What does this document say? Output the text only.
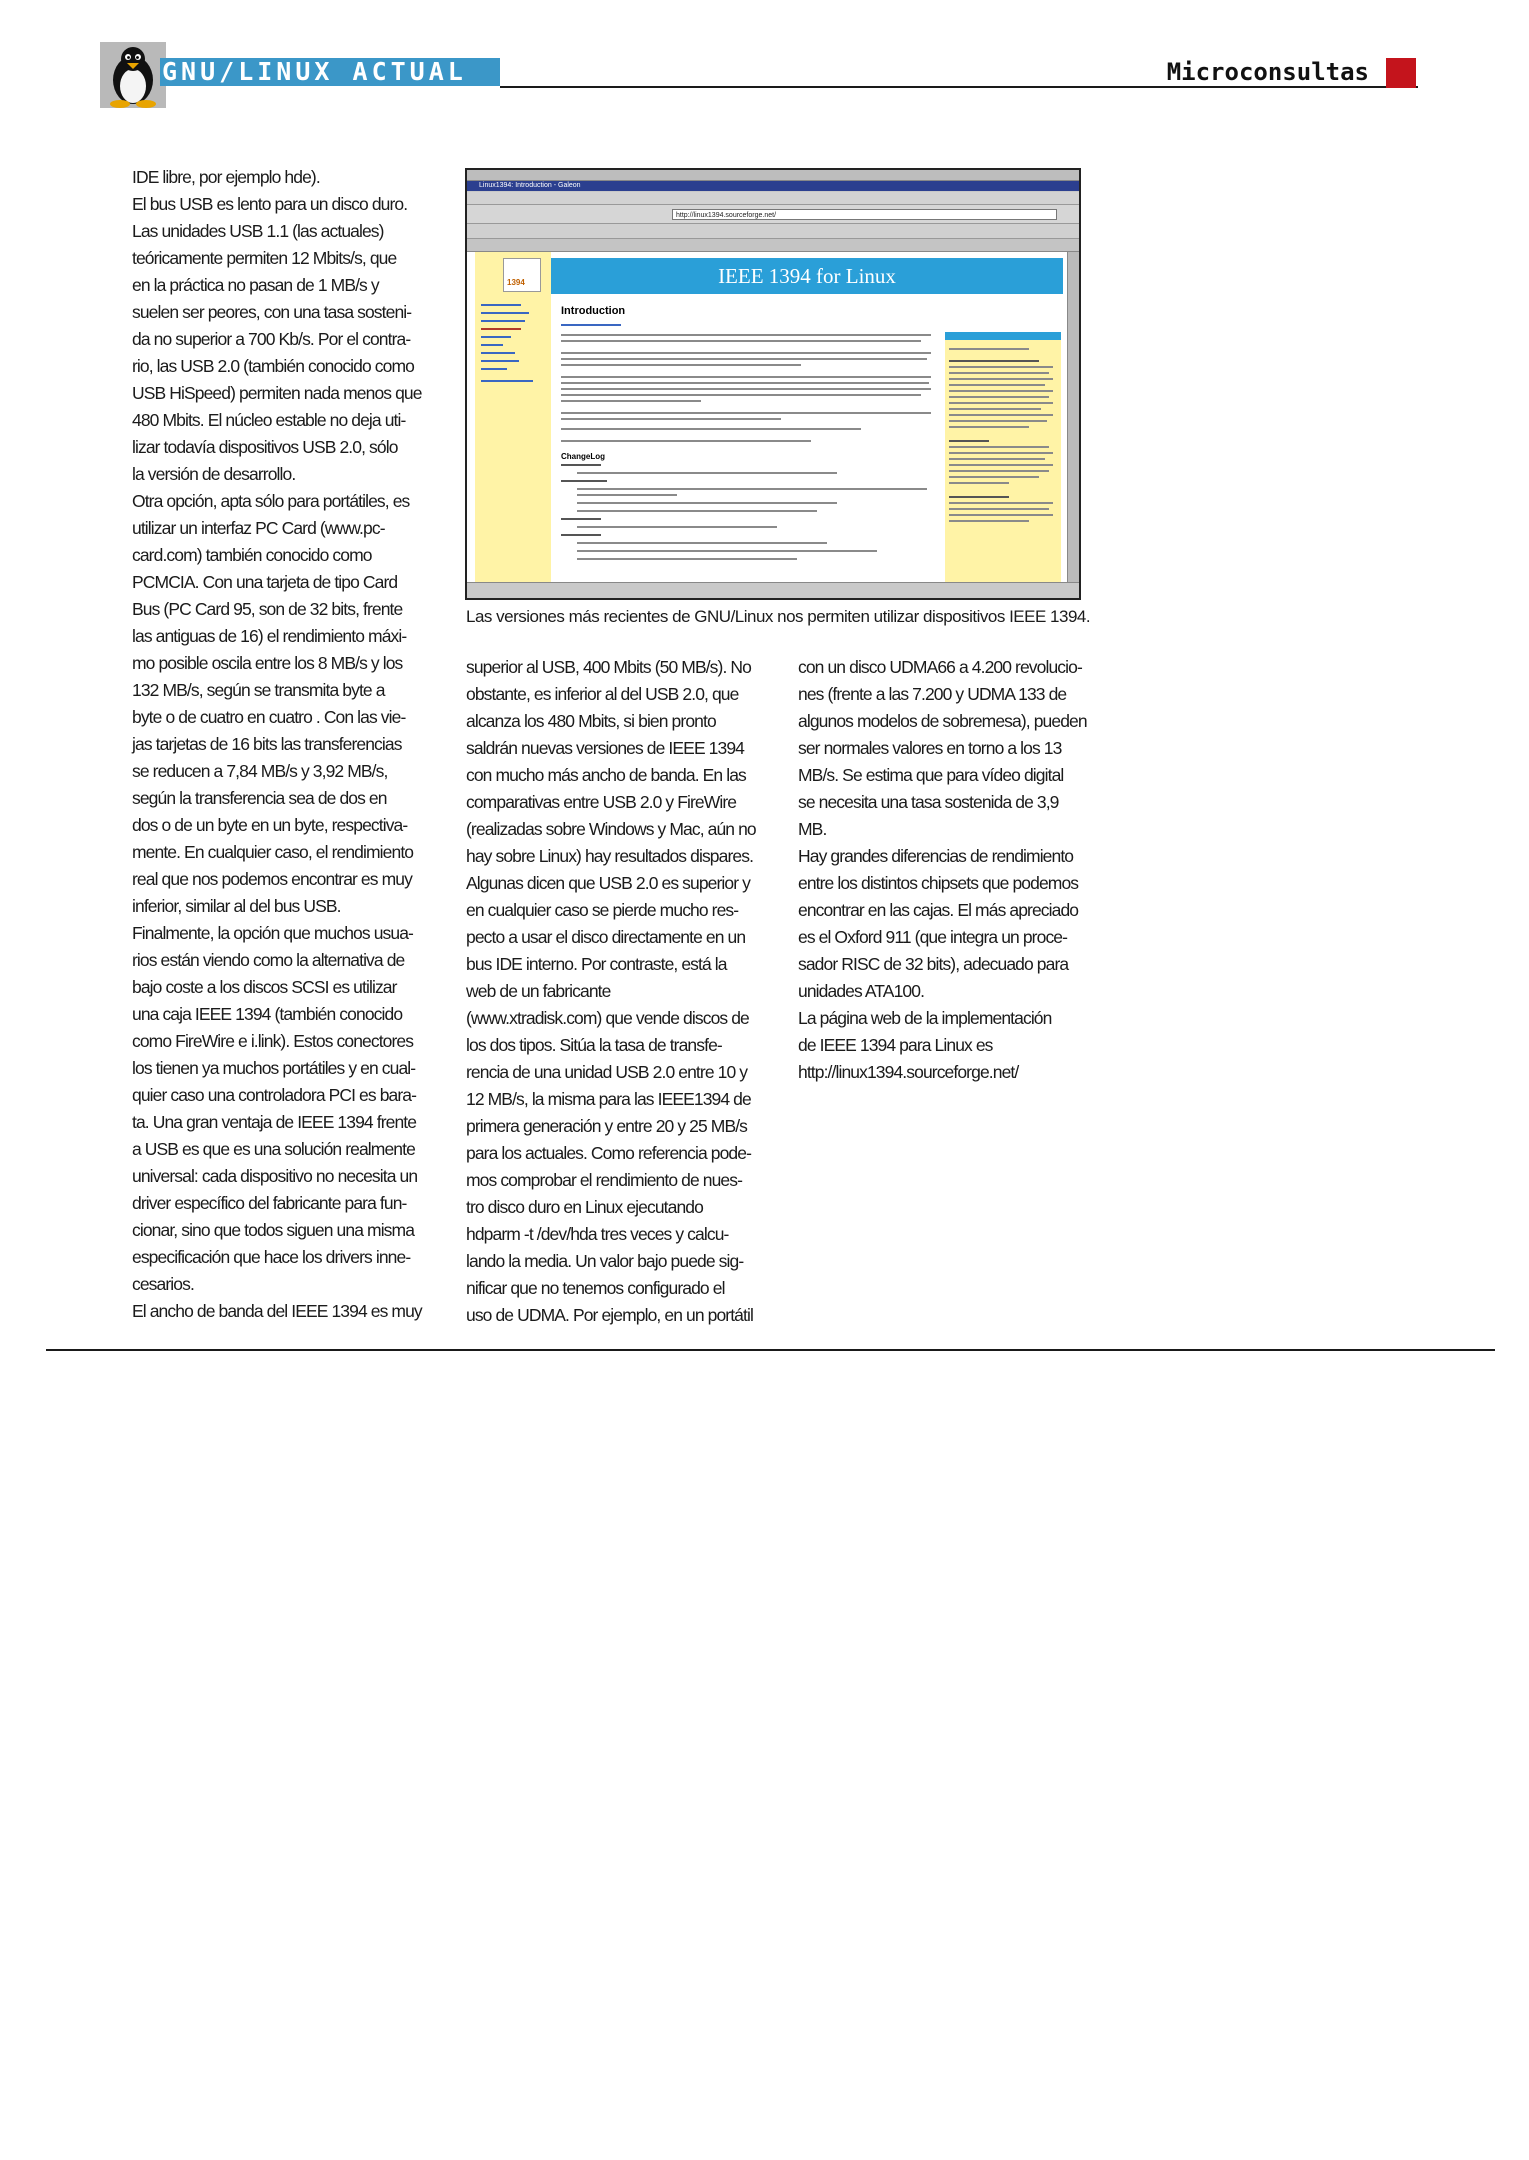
GNU/LINUX ACTUAL	Microconsultas

IDE libre, por ejemplo hde).

El bus USB es lento para un disco duro.

Las unidades USB 1.1 (las actuales)

teóricamente permiten 12 Mbits/s, que

en la práctica no pasan de 1 MB/s y

suelen ser peores, con una tasa sosteni-

da no superior a 700 Kb/s. Por el contra-

rio, las USB 2.0 (también conocido como

USB HiSpeed) permiten nada menos que

480 Mbits. El núcleo estable no deja uti-

lizar todavía dispositivos USB 2.0, sólo

la versión de desarrollo.

Otra opción, apta sólo para portátiles, es

utilizar un interfaz PC Card (www.pc-

card.com) también conocido como

PCMCIA. Con una tarjeta de tipo Card

Bus (PC Card 95, son de 32 bits, frente

las antiguas de 16) el rendimiento máxi-

mo posible oscila entre los 8 MB/s y los

132 MB/s, según se transmita byte a

byte o de cuatro en cuatro . Con las vie-

jas tarjetas de 16 bits las transferencias

se reducen a 7,84 MB/s y 3,92 MB/s,

según la transferencia sea de dos en

dos o de un byte en un byte, respectiva-

mente. En cualquier caso, el rendimiento

real que nos podemos encontrar es muy

inferior, similar al del bus USB.

Finalmente, la opción que muchos usua-

rios están viendo como la alternativa de

bajo coste a los discos SCSI es utilizar

una caja IEEE 1394 (también conocido

como FireWire e i.link). Estos conectores

los tienen ya muchos portátiles y en cual-

quier caso una controladora PCI es bara-

ta. Una gran ventaja de IEEE 1394 frente

a USB es que es una solución realmente

universal: cada dispositivo no necesita un

driver específico del fabricante para fun-

cionar, sino que todos siguen una misma

especificación que hace los drivers inne-

cesarios.

El ancho de banda del IEEE 1394 es muy

Linux1394: Introduction - Galeon
http://linux1394.sourceforge.net/
1394	IEEE 1394 for Linux
Introduction
ChangeLog
Las versiones más recientes de GNU/Linux nos permiten utilizar dispositivos IEEE 1394.

superior al USB, 400 Mbits (50 MB/s). No

obstante, es inferior al del USB 2.0, que

alcanza los 480 Mbits, si bien pronto

saldrán nuevas versiones de IEEE 1394

con mucho más ancho de banda. En las

comparativas entre USB 2.0 y FireWire

(realizadas sobre Windows y Mac, aún no

hay sobre Linux) hay resultados dispares.

Algunas dicen que USB 2.0 es superior y

en cualquier caso se pierde mucho res-

pecto a usar el disco directamente en un

bus IDE interno. Por contraste, está la

web de un fabricante

(www.xtradisk.com) que vende discos de

los dos tipos. Sitúa la tasa de transfe-

rencia de una unidad USB 2.0 entre 10 y

12 MB/s, la misma para las IEEE1394 de

primera generación y entre 20 y 25 MB/s

para los actuales. Como referencia pode-

mos comprobar el rendimiento de nues-

tro disco duro en Linux ejecutando

hdparm -t /dev/hda tres veces y calcu-

lando la media. Un valor bajo puede sig-

nificar que no tenemos configurado el

uso de UDMA. Por ejemplo, en un portátil

con un disco UDMA66 a 4.200 revolucio-

nes (frente a las 7.200 y UDMA 133 de

algunos modelos de sobremesa), pueden

ser normales valores en torno a los 13

MB/s. Se estima que para vídeo digital

se necesita una tasa sostenida de 3,9

MB.

Hay grandes diferencias de rendimiento

entre los distintos chipsets que podemos

encontrar en las cajas. El más apreciado

es el Oxford 911 (que integra un proce-

sador RISC de 32 bits), adecuado para

unidades ATA100.

La página web de la implementación

de IEEE 1394 para Linux es

http://linux1394.sourceforge.net/
